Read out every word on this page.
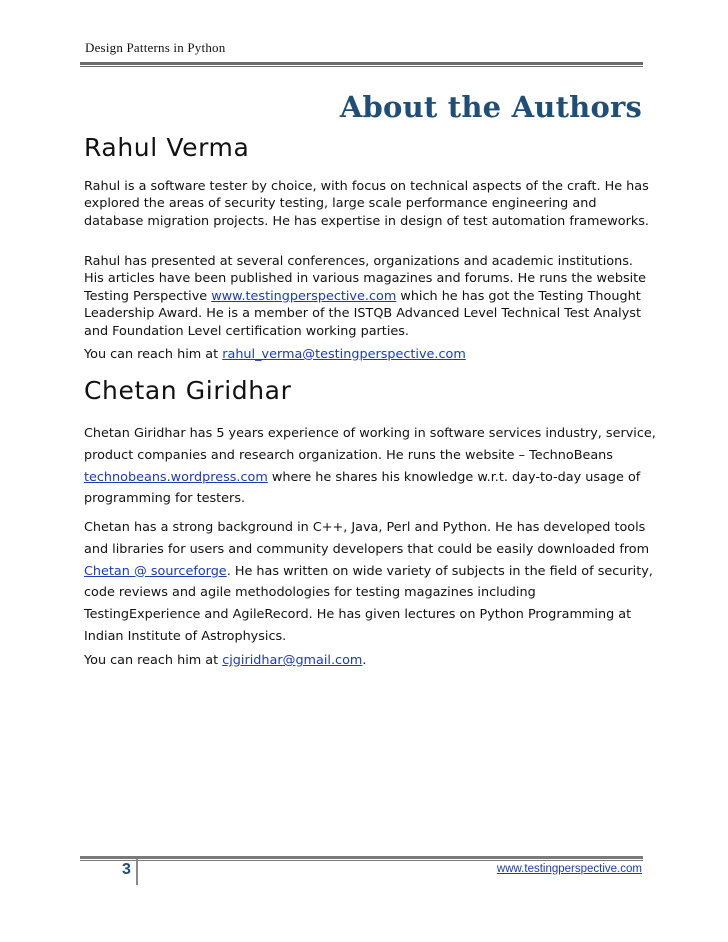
Design Patterns in Python
About the Authors
Rahul Verma

Rahul is a software tester by choice, with focus on technical aspects of the craft. He has explored the areas of security testing, large scale performance engineering and database migration projects. He has expertise in design of test automation frameworks.

Rahul has presented at several conferences, organizations and academic institutions. His articles have been published in various magazines and forums. He runs the website Testing Perspective www.testingperspective.com which he has got the Testing Thought Leadership Award. He is a member of the ISTQB Advanced Level Technical Test Analyst and Foundation Level certification working parties.

You can reach him at rahul_verma@testingperspective.com

Chetan Giridhar

Chetan Giridhar has 5 years experience of working in software services industry, service, product companies and research organization. He runs the website – TechnoBeans technobeans.wordpress.com where he shares his knowledge w.r.t. day-to-day usage of programming for testers.

Chetan has a strong background in C++, Java, Perl and Python. He has developed tools and libraries for users and community developers that could be easily downloaded from Chetan @ sourceforge. He has written on wide variety of subjects in the field of security, code reviews and agile methodologies for testing magazines including TestingExperience and AgileRecord. He has given lectures on Python Programming at Indian Institute of Astrophysics.

You can reach him at cjgiridhar@gmail.com.

3	www.testingperspective.com
